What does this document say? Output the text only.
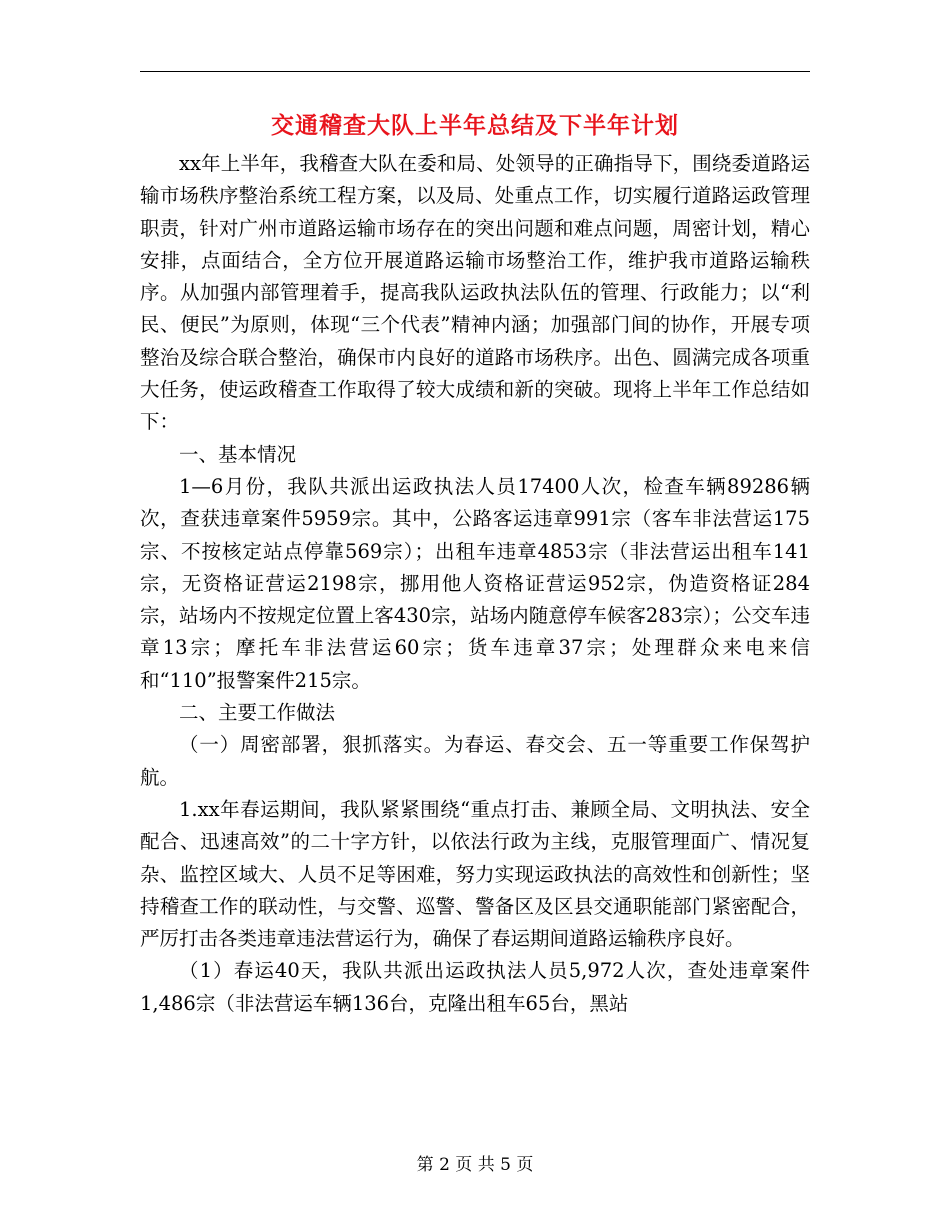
交通稽查大队上半年总结及下半年计划

xx年上半年，我稽查大队在委和局、处领导的正确指导下，围绕委道路运输市场秩序整治系统工程方案，以及局、处重点工作，切实履行道路运政管理职责，针对广州市道路运输市场存在的突出问题和难点问题，周密计划，精心安排，点面结合，全方位开展道路运输市场整治工作，维护我市道路运输秩序。从加强内部管理着手，提高我队运政执法队伍的管理、行政能力；以“利民、便民”为原则，体现“三个代表”精神内涵；加强部门间的协作，开展专项整治及综合联合整治，确保市内良好的道路市场秩序。出色、圆满完成各项重大任务，使运政稽查工作取得了较大成绩和新的突破。现将上半年工作总结如下：

一、基本情况

1—6月份，我队共派出运政执法人员17400人次，检查车辆89286辆次，查获违章案件5959宗。其中，公路客运违章991宗（客车非法营运175宗、不按核定站点停靠569宗）；出租车违章4853宗（非法营运出租车141宗，无资格证营运2198宗，挪用他人资格证营运952宗，伪造资格证284宗，站场内不按规定位置上客430宗，站场内随意停车候客283宗）；公交车违章13宗；摩托车非法营运60宗；货车违章37宗；处理群众来电来信和“110”报警案件215宗。

二、主要工作做法

（一）周密部署，狠抓落实。为春运、春交会、五一等重要工作保驾护航。

1.xx年春运期间，我队紧紧围绕“重点打击、兼顾全局、文明执法、安全配合、迅速高效”的二十字方针，以依法行政为主线，克服管理面广、情况复杂、监控区域大、人员不足等困难，努力实现运政执法的高效性和创新性；坚持稽查工作的联动性，与交警、巡警、警备区及区县交通职能部门紧密配合，严厉打击各类违章违法营运行为，确保了春运期间道路运输秩序良好。

（1）春运40天，我队共派出运政执法人员5,972人次，查处违章案件1,486宗（非法营运车辆136台，克隆出租车65台，黑站

第 2 页 共 5 页
